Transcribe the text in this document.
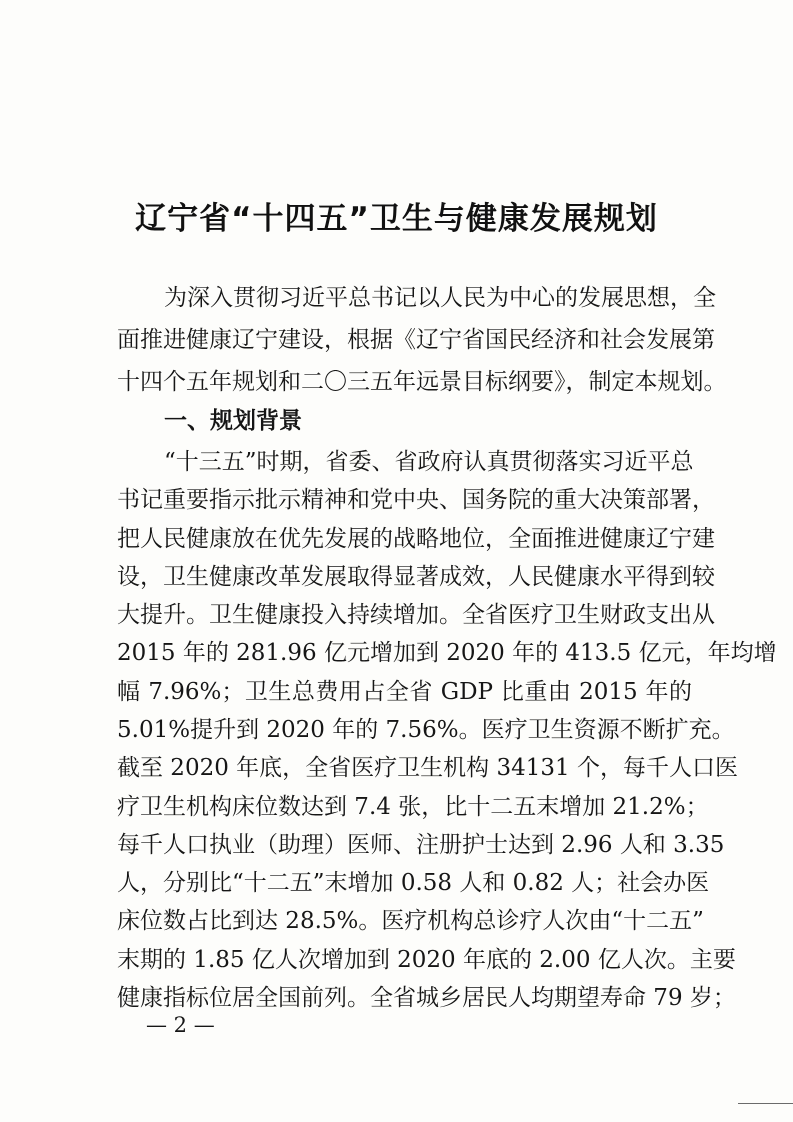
辽宁省“十四五”卫生与健康发展规划
为深入贯彻习近平总书记以人民为中心的发展思想，全
面推进健康辽宁建设，根据《辽宁省国民经济和社会发展第
十四个五年规划和二〇三五年远景目标纲要》，制定本规划。
一、规划背景
“十三五”时期，省委、省政府认真贯彻落实习近平总
书记重要指示批示精神和党中央、国务院的重大决策部署，
把人民健康放在优先发展的战略地位，全面推进健康辽宁建
设，卫生健康改革发展取得显著成效，人民健康水平得到较
大提升。卫生健康投入持续增加。全省医疗卫生财政支出从
2015 年的 281.96 亿元增加到 2020 年的 413.5 亿元，年均增
幅 7.96%；卫生总费用占全省 GDP 比重由 2015 年的
5.01%提升到 2020 年的 7.56%。医疗卫生资源不断扩充。
截至 2020 年底，全省医疗卫生机构 34131 个，每千人口医
疗卫生机构床位数达到 7.4 张，比十二五末增加 21.2%；
每千人口执业（助理）医师、注册护士达到 2.96 人和 3.35
人，分别比“十二五”末增加 0.58 人和 0.82 人；社会办医
床位数占比到达 28.5%。医疗机构总诊疗人次由“十二五”
末期的 1.85 亿人次增加到 2020 年底的 2.00 亿人次。主要
健康指标位居全国前列。全省城乡居民人均期望寿命 79 岁；
— 2 —
